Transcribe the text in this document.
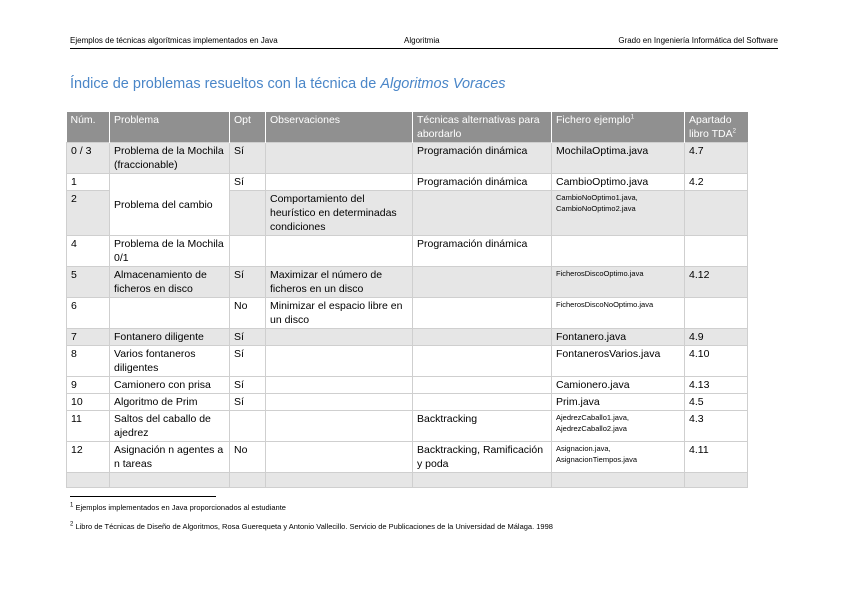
Ejemplos de técnicas algorítmicas implementados en Java	Algoritmia	Grado en Ingeniería Informática del Software
Índice de problemas resueltos con la técnica de Algoritmos Voraces
Núm.	Problema	Opt	Observaciones	Técnicas alternativas para abordarlo	Fichero ejemplo$^1$	Apartado libro TDA$^2$
0 / 3	Problema de la Mochila (fraccionable)	Sí		Programación dinámica	MochilaOptima.java	4.7
1	Problema del cambio	Sí		Programación dinámica	CambioOptimo.java	4.2
2			Comportamiento del heurístico en determinadas condiciones		CambioNoOptimo1.java, CambioNoOptimo2.java	
4	Problema de la Mochila 0/1			Programación dinámica		
5	Almacenamiento de ficheros en disco	Sí	Maximizar el número de ficheros en un disco		FicherosDiscoOptimo.java	4.12
6		No	Minimizar el espacio libre en un disco		FicherosDiscoNoOptimo.java	
7	Fontanero diligente	Sí			Fontanero.java	4.9
8	Varios fontaneros diligentes	Sí			FontanerosVarios.java	4.10
9	Camionero con prisa	Sí			Camionero.java	4.13
10	Algoritmo de Prim	Sí			Prim.java	4.5
11	Saltos del caballo de ajedrez			Backtracking	AjedrezCaballo1.java, AjedrezCaballo2.java	4.3
12	Asignación n agentes a n tareas	No		Backtracking, Ramificación y poda	Asignacion.java, AsignacionTiempos.java	4.11

$^1$ Ejemplos implementados en Java proporcionados al estudiante
$^2$ Libro de Técnicas de Diseño de Algoritmos, Rosa Guerequeta y Antonio Vallecillo. Servicio de Publicaciones de la Universidad de Málaga. 1998
